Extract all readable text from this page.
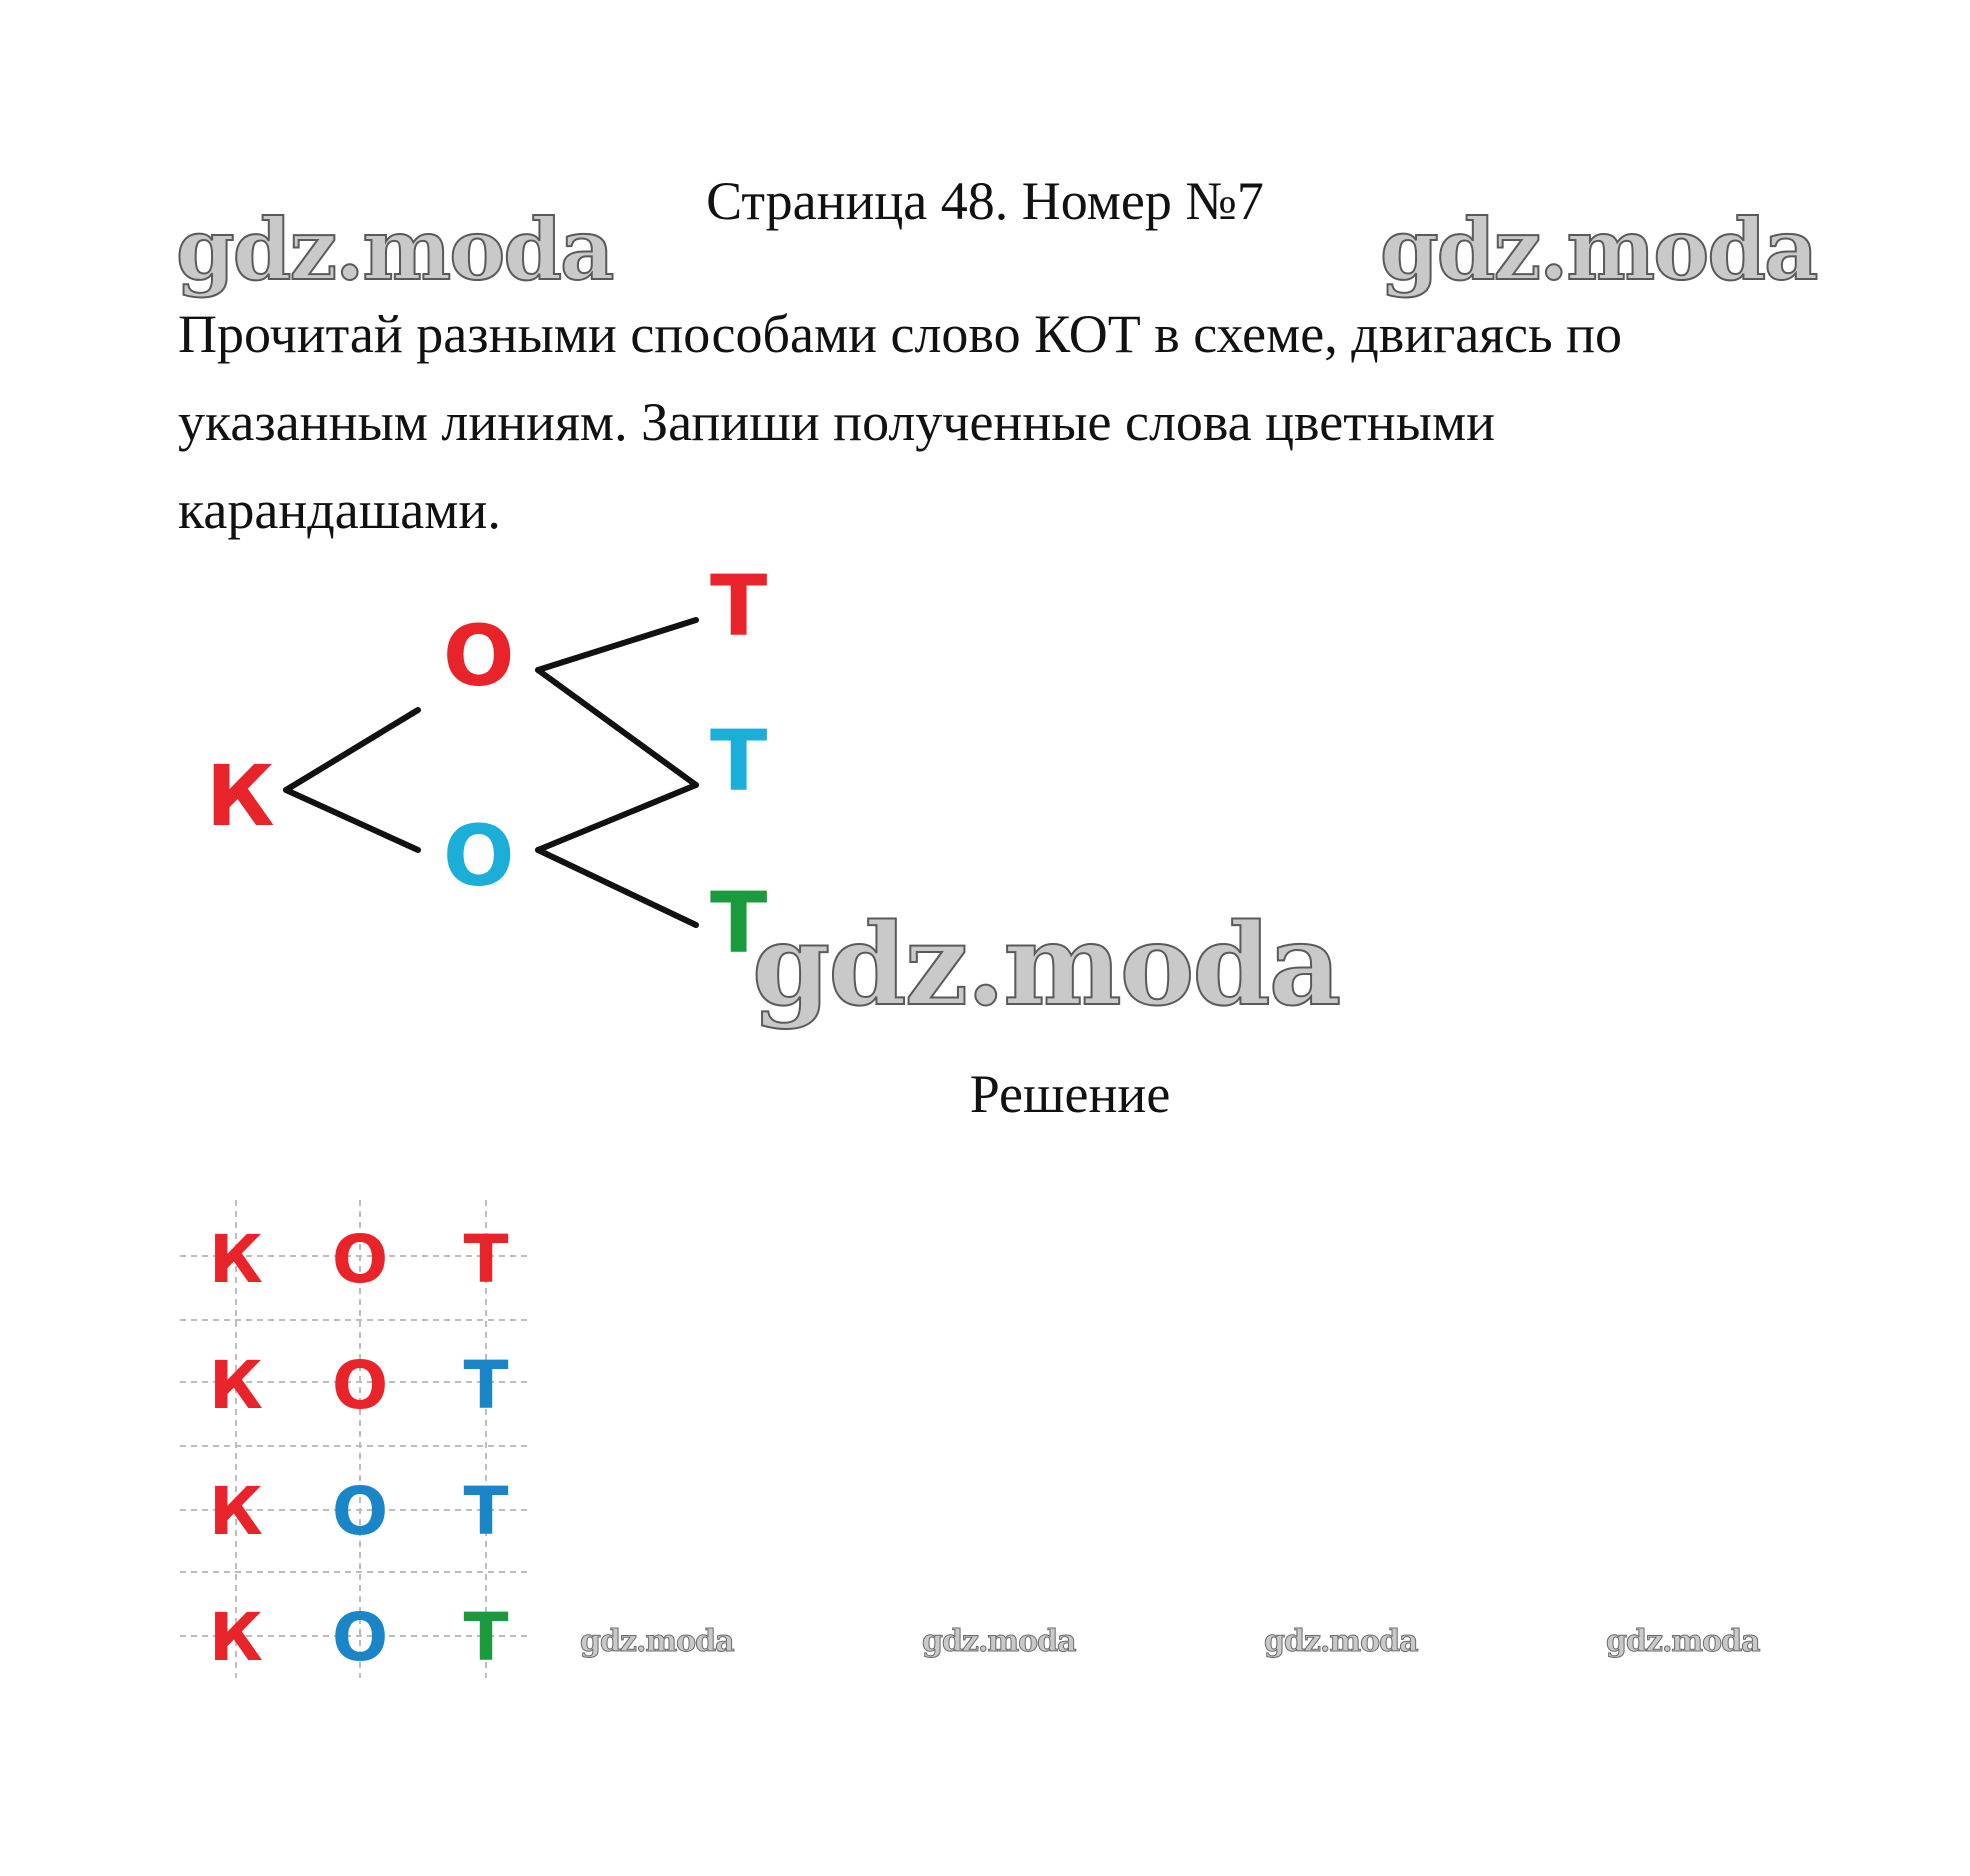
Страница 48. Номер №7
gdz.moda	gdz.moda
Прочитай разными способами слово КОТ в схеме, двигаясь по указанным линиям. Запиши полученные слова цветными карандашами.
К
О
О
Т
Т
Т
gdz.moda
Решение
К О Т
К О Т
К О Т
К О Т gdz.moda	gdz.moda	gdz.moda	gdz.moda
